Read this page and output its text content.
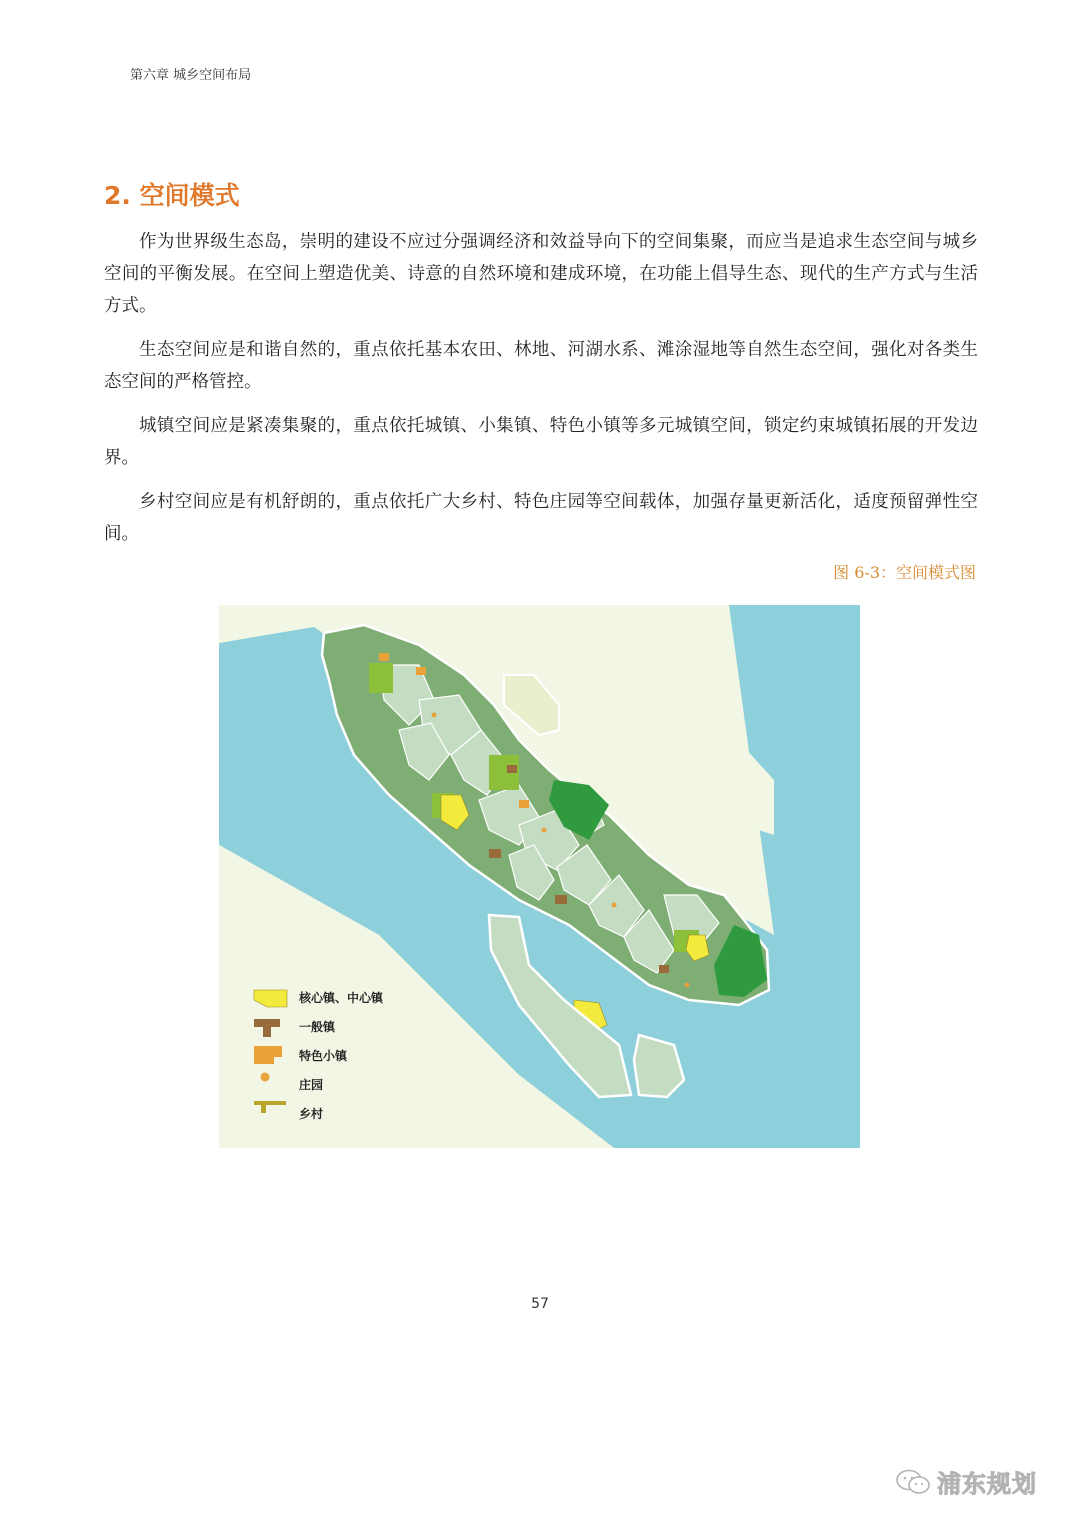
第六章 城乡空间布局
2. 空间模式

作为世界级生态岛，崇明的建设不应过分强调经济和效益导向下的空间集聚，而应当是追求生态空间与城乡空间的平衡发展。在空间上塑造优美、诗意的自然环境和建成环境，在功能上倡导生态、现代的生产方式与生活方式。

生态空间应是和谐自然的，重点依托基本农田、林地、河湖水系、滩涂湿地等自然生态空间，强化对各类生态空间的严格管控。

城镇空间应是紧凑集聚的，重点依托城镇、小集镇、特色小镇等多元城镇空间，锁定约束城镇拓展的开发边界。

乡村空间应是有机舒朗的，重点依托广大乡村、特色庄园等空间载体，加强存量更新活化，适度预留弹性空间。

图 6-3：空间模式图
核心镇、中心镇
一般镇
特色小镇
庄园
乡村
57
浦东规划
